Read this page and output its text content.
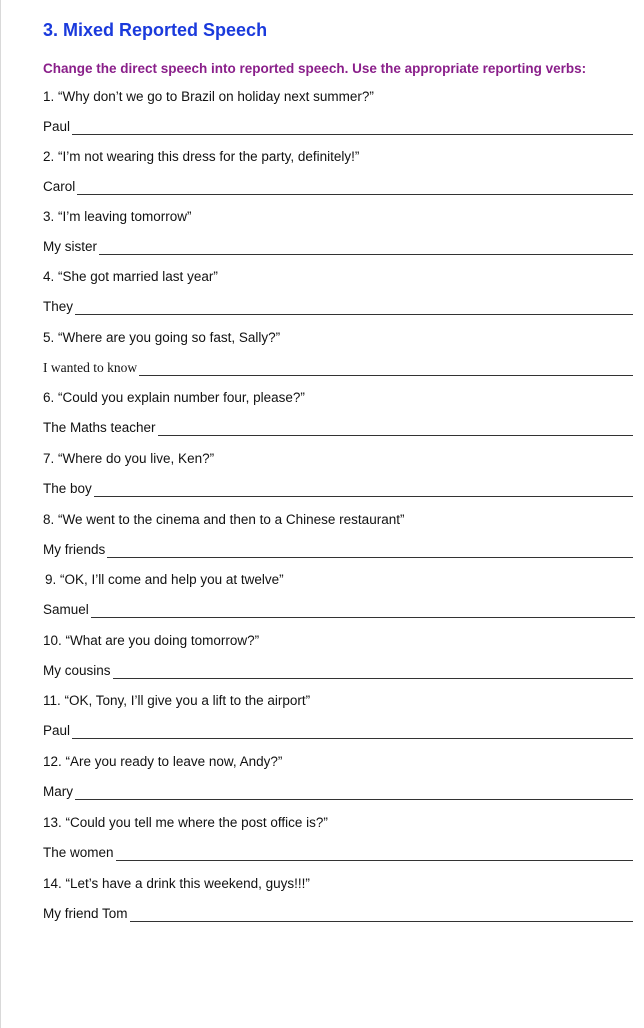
3. Mixed Reported Speech
Change the direct speech into reported speech. Use the appropriate reporting verbs:
1. “Why don’t we go to Brazil on holiday next summer?”
Paul
2. “I’m not wearing this dress for the party, definitely!”
Carol
3. “I’m leaving tomorrow”
My sister
4. “She got married last year”
They
5. “Where are you going so fast, Sally?”
I wanted to know
6. “Could you explain number four, please?”
The Maths teacher
7. “Where do you live, Ken?”
The boy
8. “We went to the cinema and then to a Chinese restaurant”
My friends
9. “OK, I’ll come and help you at twelve”
Samuel
10. “What are you doing tomorrow?”
My cousins
11. “OK, Tony, I’ll give you a lift to the airport”
Paul
12. “Are you ready to leave now, Andy?”
Mary
13. “Could you tell me where the post office is?”
The women
14. “Let’s have a drink this weekend, guys!!!”
My friend Tom
